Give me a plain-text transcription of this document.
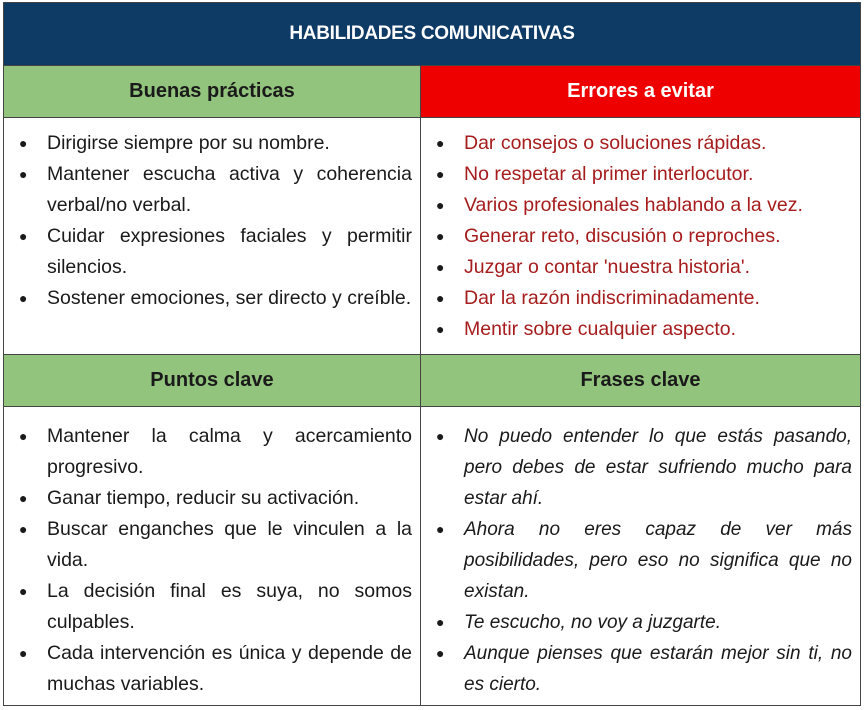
HABILIDADES COMUNICATIVAS
Buenas prácticas	Errores a evitar
● Dirigirse siempre por su nombre.
● Mantener escucha activa y coherencia verbal/no verbal.
● Cuidar expresiones faciales y permitir silencios.
● Sostener emociones, ser directo y creíble.
● Dar consejos o soluciones rápidas.
● No respetar al primer interlocutor.
● Varios profesionales hablando a la vez.
● Generar reto, discusión o reproches.
● Juzgar o contar 'nuestra historia'.
● Dar la razón indiscriminadamente.
● Mentir sobre cualquier aspecto.
Puntos clave	Frases clave
● Mantener la calma y acercamiento progresivo.
● Ganar tiempo, reducir su activación.
● Buscar enganches que le vinculen a la vida.
● La decisión final es suya, no somos culpables.
● Cada intervención es única y depende de muchas variables.
● No puedo entender lo que estás pasando, pero debes de estar sufriendo mucho para estar ahí.
● Ahora no eres capaz de ver más posibilidades, pero eso no significa que no existan.
● Te escucho, no voy a juzgarte.
● Aunque pienses que estarán mejor sin ti, no es cierto.
